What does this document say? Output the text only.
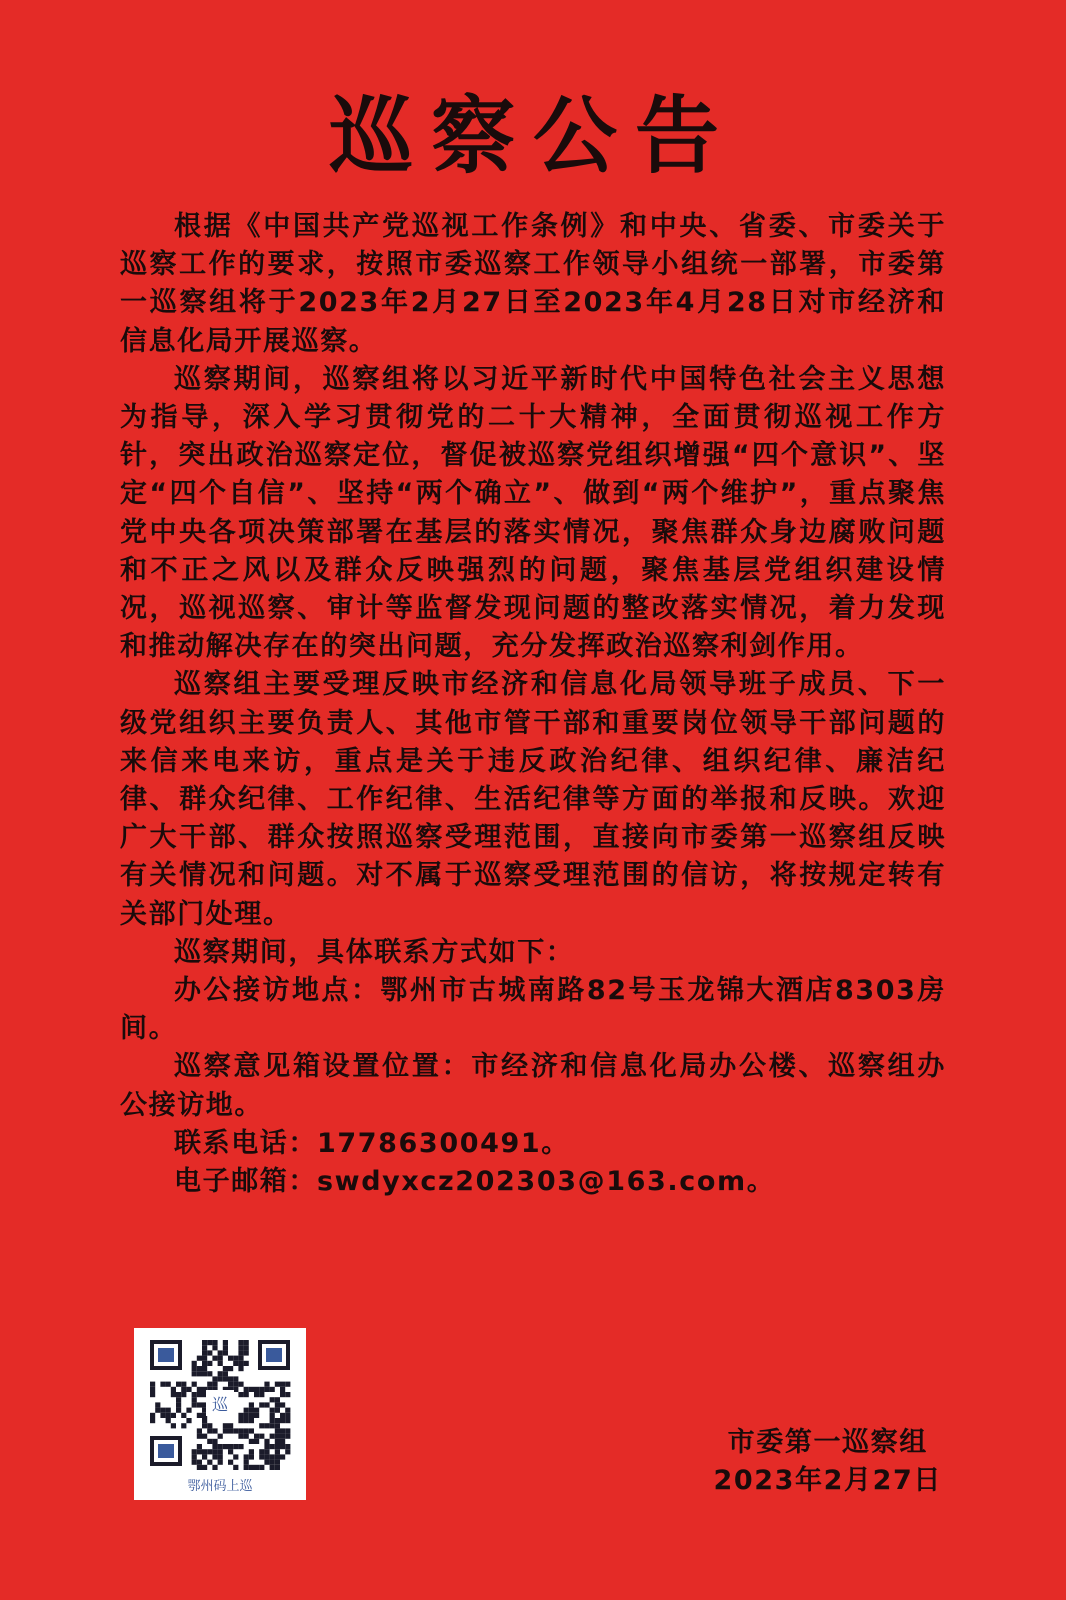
巡察公告

根据《中国共产党巡视工作条例》和中央、省委、市委关于巡察工作的要求，按照市委巡察工作领导小组统一部署，市委第一巡察组将于2023年2月27日至2023年4月28日对市经济和信息化局开展巡察。

巡察期间，巡察组将以习近平新时代中国特色社会主义思想为指导，深入学习贯彻党的二十大精神，全面贯彻巡视工作方针，突出政治巡察定位，督促被巡察党组织增强“四个意识”、坚定“四个自信”、坚持“两个确立”、做到“两个维护”，重点聚焦党中央各项决策部署在基层的落实情况，聚焦群众身边腐败问题和不正之风以及群众反映强烈的问题，聚焦基层党组织建设情况，巡视巡察、审计等监督发现问题的整改落实情况，着力发现和推动解决存在的突出问题，充分发挥政治巡察利剑作用。

巡察组主要受理反映市经济和信息化局领导班子成员、下一级党组织主要负责人、其他市管干部和重要岗位领导干部问题的来信来电来访，重点是关于违反政治纪律、组织纪律、廉洁纪律、群众纪律、工作纪律、生活纪律等方面的举报和反映。欢迎广大干部、群众按照巡察受理范围，直接向市委第一巡察组反映有关情况和问题。对不属于巡察受理范围的信访，将按规定转有关部门处理。

巡察期间，具体联系方式如下：

办公接访地点：鄂州市古城南路82号玉龙锦大酒店8303房间。

巡察意见箱设置位置：市经济和信息化局办公楼、巡察组办公接访地。

联系电话：17786300491。

电子邮箱：swdyxcz202303@163.com。

巡
鄂州码上巡
市委第一巡察组
2023年2月27日
